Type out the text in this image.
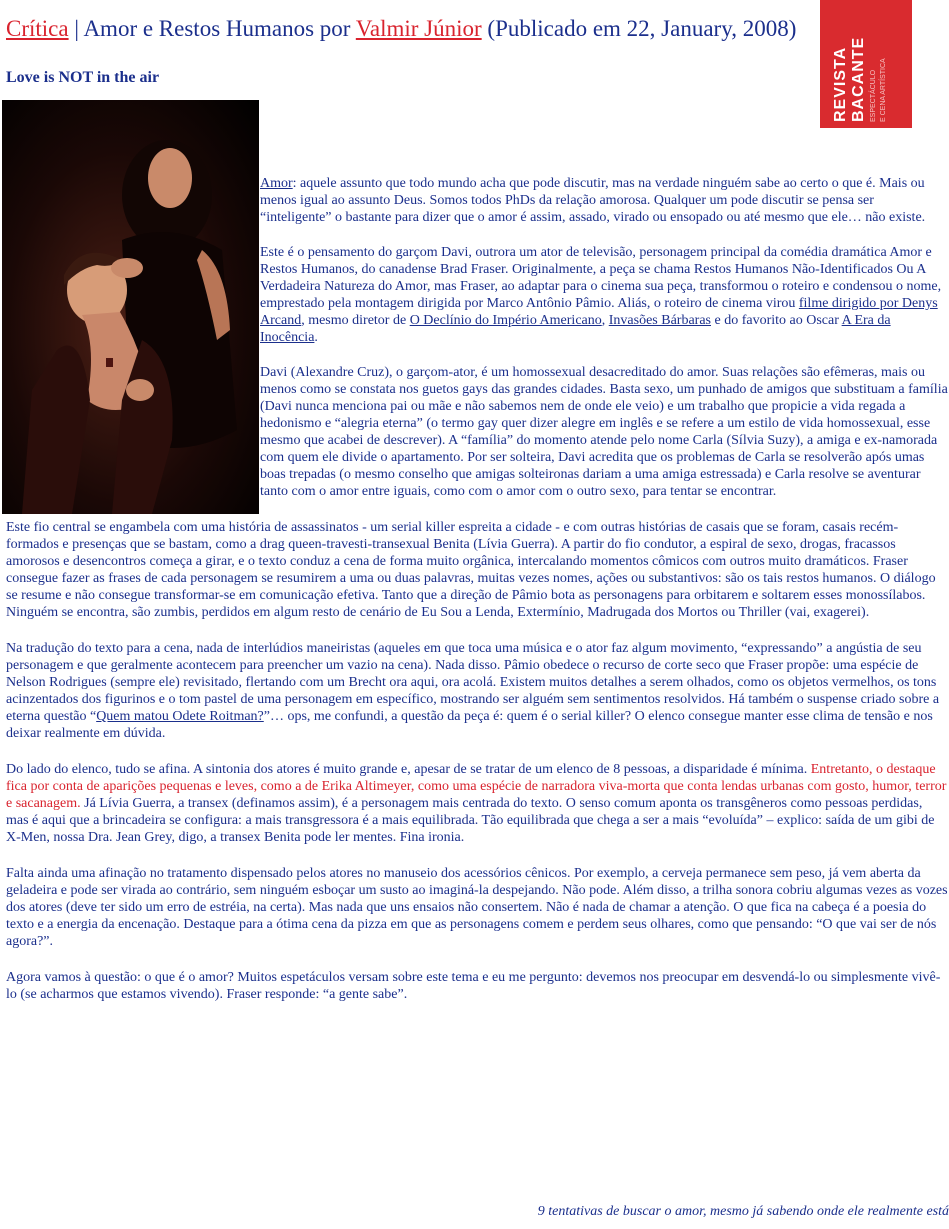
Crítica | Amor e Restos Humanos por Valmir Júnior (Publicado em 22, January, 2008)
REVISTA BACANTE ESPECTÁCULO E CENA ARTÍSTICA
Love is NOT in the air

Amor: aquele assunto que todo mundo acha que pode discutir, mas na verdade ninguém sabe ao certo o que é. Mais ou menos igual ao assunto Deus. Somos todos PhDs da relação amorosa. Qualquer um pode discutir se pensa ser “inteligente” o bastante para dizer que o amor é assim, assado, virado ou ensopado ou até mesmo que ele… não existe.

Este é o pensamento do garçom Davi, outrora um ator de televisão, personagem principal da comédia dramática Amor e Restos Humanos, do canadense Brad Fraser. Originalmente, a peça se chama Restos Humanos Não-Identificados Ou A Verdadeira Natureza do Amor, mas Fraser, ao adaptar para o cinema sua peça, transformou o roteiro e condensou o nome, emprestado pela montagem dirigida por Marco Antônio Pâmio. Aliás, o roteiro de cinema virou filme dirigido por Denys Arcand, mesmo diretor de O Declínio do Império Americano, Invasões Bárbaras e do favorito ao Oscar A Era da Inocência.

Davi (Alexandre Cruz), o garçom-ator, é um homossexual desacreditado do amor. Suas relações são efêmeras, mais ou menos como se constata nos guetos gays das grandes cidades. Basta sexo, um punhado de amigos que substituam a família (Davi nunca menciona pai ou mãe e não sabemos nem de onde ele veio) e um trabalho que propicie a vida regada a hedonismo e “alegria eterna” (o termo gay quer dizer alegre em inglês e se refere a um estilo de vida homossexual, esse mesmo que acabei de descrever). A “família” do momento atende pelo nome Carla (Sílvia Suzy), a amiga e ex-namorada com quem ele divide o apartamento. Por ser solteira, Davi acredita que os problemas de Carla se resolverão após umas boas trepadas (o mesmo conselho que amigas solteironas dariam a uma amiga estressada) e Carla resolve se aventurar tanto com o amor entre iguais, como com o amor com o outro sexo, para tentar se encontrar.

Este fio central se engambela com uma história de assassinatos - um serial killer espreita a cidade - e com outras histórias de casais que se foram, casais recém-formados e presenças que se bastam, como a drag queen-travesti-transexual Benita (Lívia Guerra). A partir do fio condutor, a espiral de sexo, drogas, fracassos amorosos e desencontros começa a girar, e o texto conduz a cena de forma muito orgânica, intercalando momentos cômicos com outros muito dramáticos. Fraser consegue fazer as frases de cada personagem se resumirem a uma ou duas palavras, muitas vezes nomes, ações ou substantivos: são os tais restos humanos. O diálogo se resume e não consegue transformar-se em comunicação efetiva. Tanto que a direção de Pâmio bota as personagens para orbitarem e soltarem esses monossílabos. Ninguém se encontra, são zumbis, perdidos em algum resto de cenário de Eu Sou a Lenda, Extermínio, Madrugada dos Mortos ou Thriller (vai, exagerei).

Na tradução do texto para a cena, nada de interlúdios maneiristas (aqueles em que toca uma música e o ator faz algum movimento, “expressando” a angústia de seu personagem e que geralmente acontecem para preencher um vazio na cena). Nada disso. Pâmio obedece o recurso de corte seco que Fraser propõe: uma espécie de Nelson Rodrigues (sempre ele) revisitado, flertando com um Brecht ora aqui, ora acolá. Existem muitos detalhes a serem olhados, como os objetos vermelhos, os tons acinzentados dos figurinos e o tom pastel de uma personagem em específico, mostrando ser alguém sem sentimentos resolvidos. Há também o suspense criado sobre a eterna questão “Quem matou Odete Roitman?”… ops, me confundi, a questão da peça é: quem é o serial killer? O elenco consegue manter esse clima de tensão e nos deixar realmente em dúvida.

Do lado do elenco, tudo se afina. A sintonia dos atores é muito grande e, apesar de se tratar de um elenco de 8 pessoas, a disparidade é mínima. Entretanto, o destaque fica por conta de aparições pequenas e leves, como a de Erika Altimeyer, como uma espécie de narradora viva-morta que conta lendas urbanas com gosto, humor, terror e sacanagem. Já Lívia Guerra, a transex (definamos assim), é a personagem mais centrada do texto. O senso comum aponta os transgêneros como pessoas perdidas, mas é aqui que a brincadeira se configura: a mais transgressora é a mais equilibrada. Tão equilibrada que chega a ser a mais “evoluída” – explico: saída de um gibi de X-Men, nossa Dra. Jean Grey, digo, a transex Benita pode ler mentes. Fina ironia.

Falta ainda uma afinação no tratamento dispensado pelos atores no manuseio dos acessórios cênicos. Por exemplo, a cerveja permanece sem peso, já vem aberta da geladeira e pode ser virada ao contrário, sem ninguém esboçar um susto ao imaginá-la despejando. Não pode. Além disso, a trilha sonora cobriu algumas vezes as vozes dos atores (deve ter sido um erro de estréia, na certa). Mas nada que uns ensaios não consertem. Não é nada de chamar a atenção. O que fica na cabeça é a poesia do texto e a energia da encenação. Destaque para a ótima cena da pizza em que as personagens comem e perdem seus olhares, como que pensando: “O que vai ser de nós agora?”.

Agora vamos à questão: o que é o amor? Muitos espetáculos versam sobre este tema e eu me pergunto: devemos nos preocupar em desvendá-lo ou simplesmente vivê-lo (se acharmos que estamos vivendo). Fraser responde: “a gente sabe”.

9 tentativas de buscar o amor, mesmo já sabendo onde ele realmente está
